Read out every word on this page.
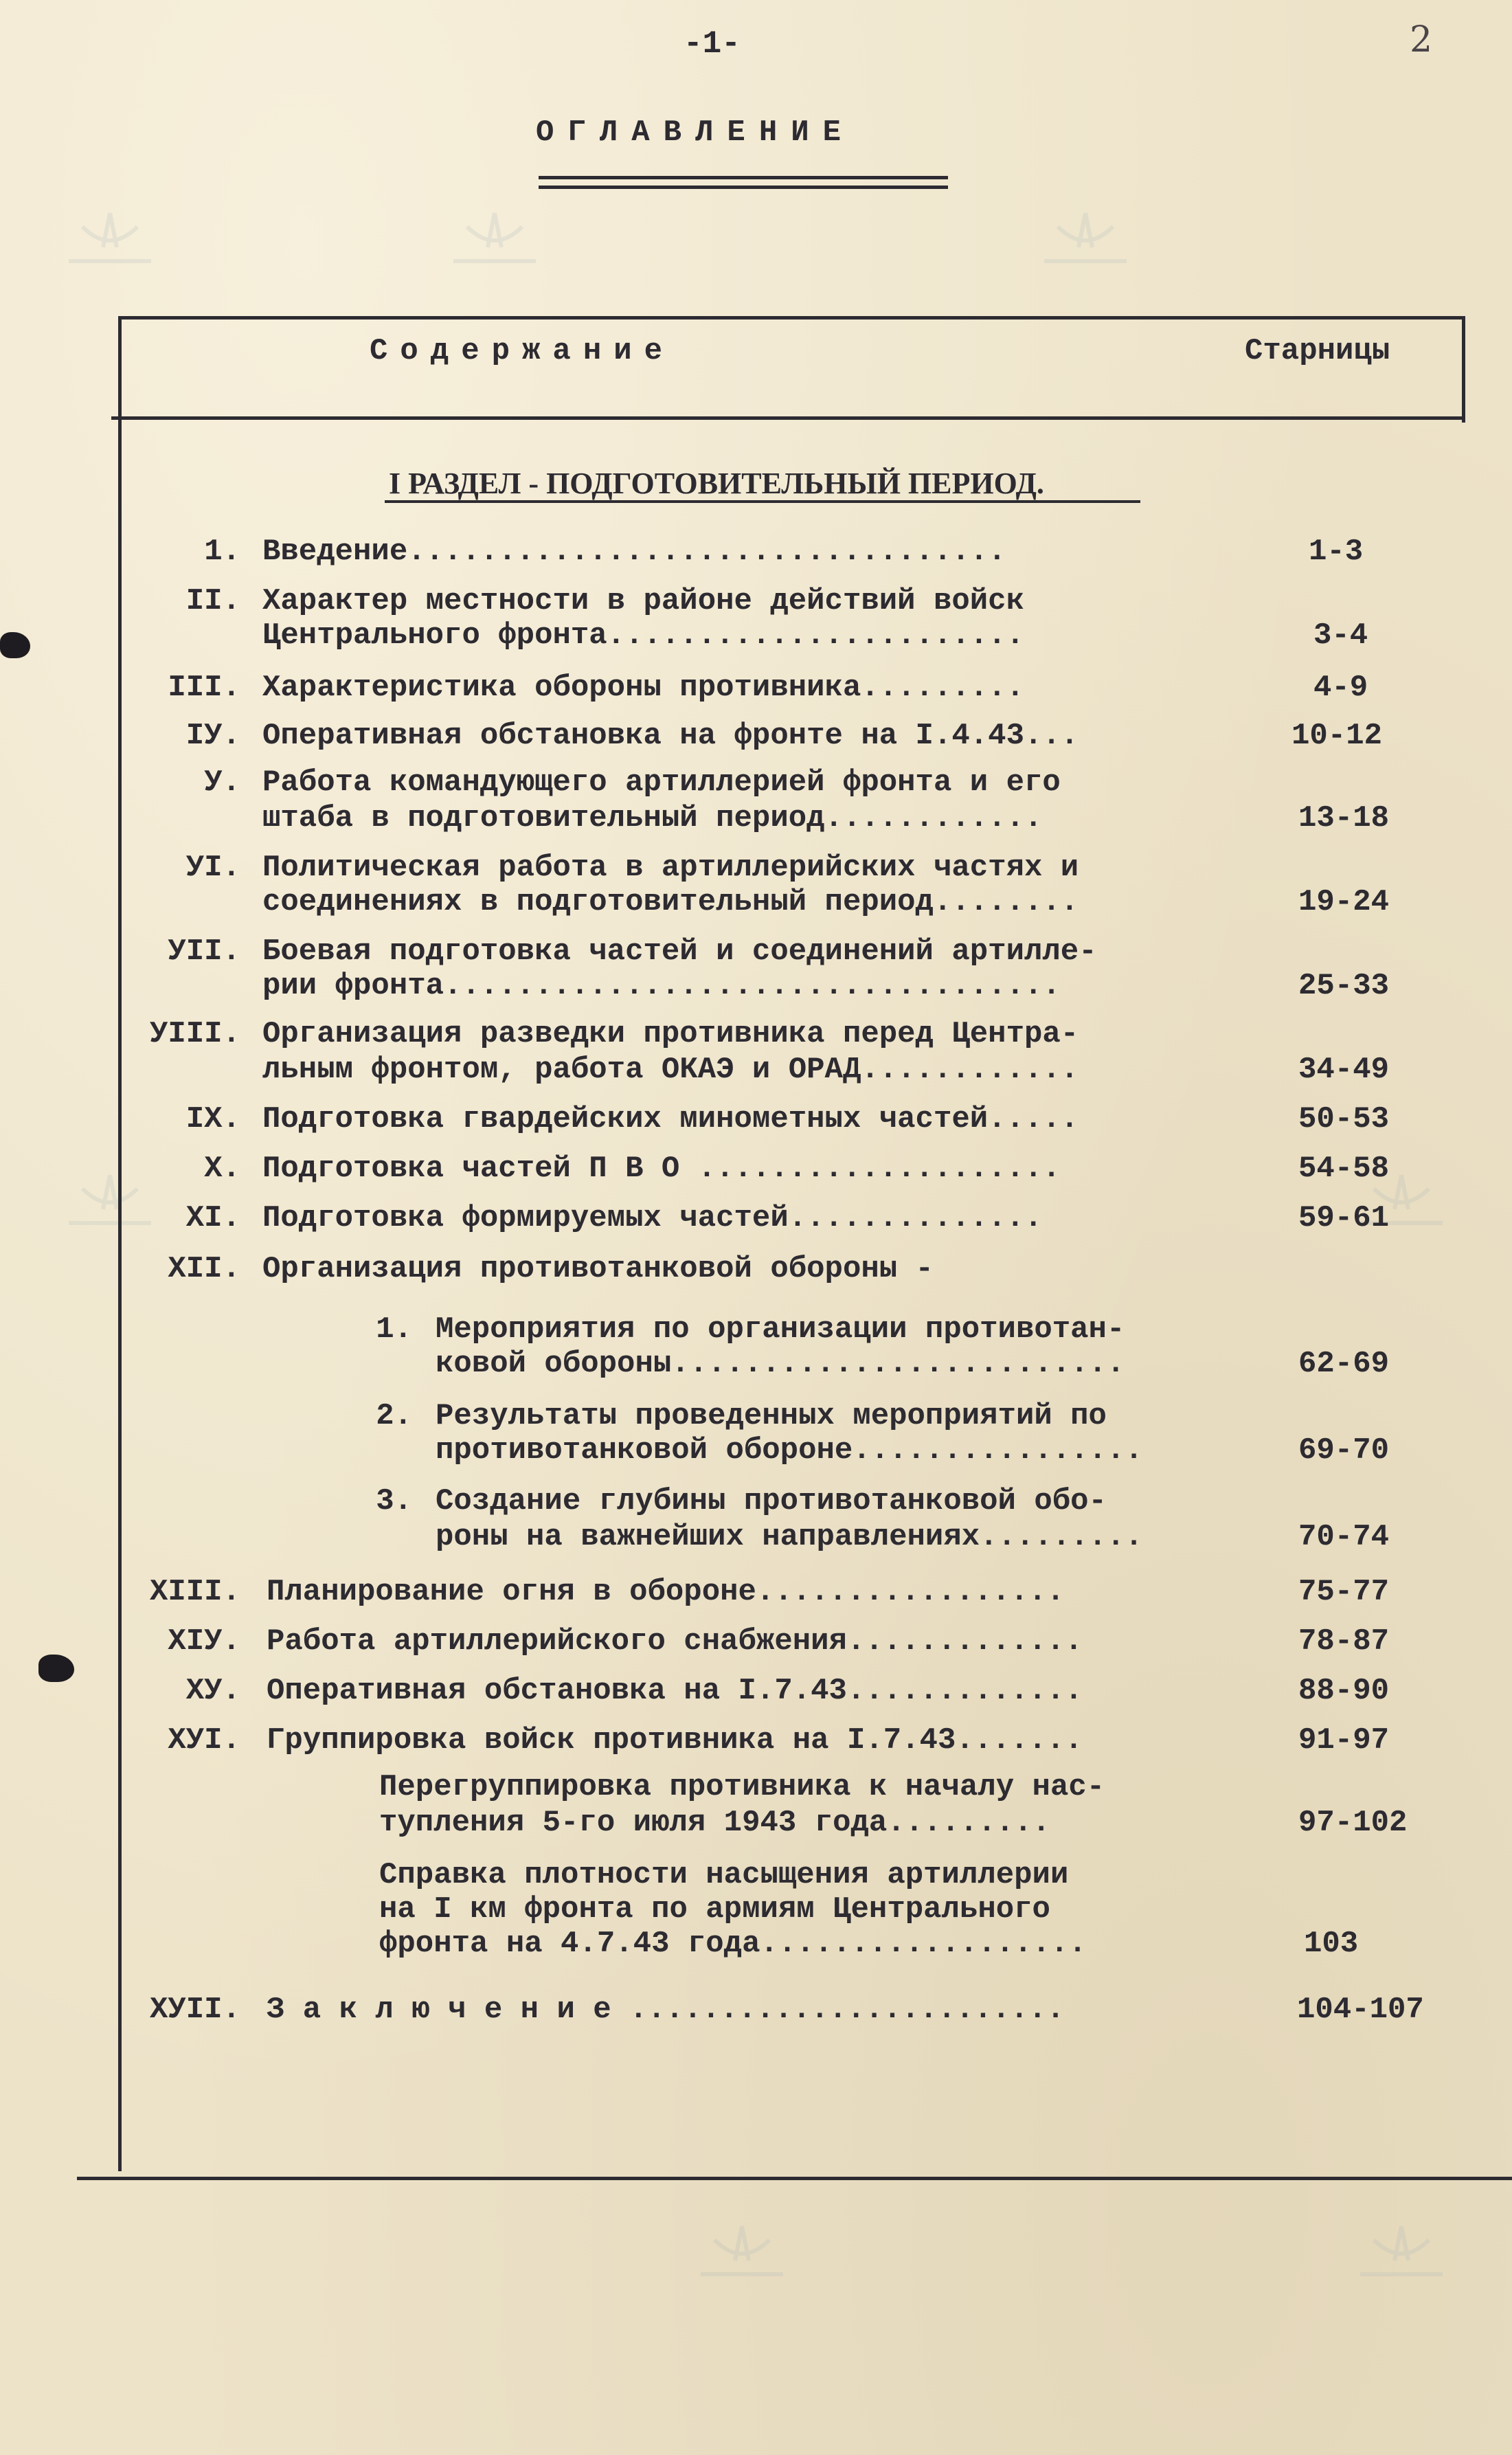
-1-	2
ОГЛАВЛЕНИЕ
Содержание	Старницы
I РАЗДЕЛ - ПОДГОТОВИТЕЛЬНЫЙ ПЕРИОД.
1. Введение.................................	1-3
II. Характер местности в районе действий войск
Центрального фронта.......................	3-4
III. Характеристика обороны противника.........	4-9
IУ. Оперативная обстановка на фронте на I.4.43...	10-12
У. Работа командующего артиллерией фронта и его
штаба в подготовительный период............	13-18
УI. Политическая работа в артиллерийских частях и
соединениях в подготовительный период........	19-24
УII. Боевая подготовка частей и соединений артилле-
рии фронта..................................	25-33
УIII. Организация разведки противника перед Центра-
льным фронтом, работа ОКАЭ и ОРАД............	34-49
IХ. Подготовка гвардейских минометных частей.....	50-53
Х. Подготовка частей П В О ....................	54-58
ХI. Подготовка формируемых частей..............	59-61
ХII. Организация противотанковой обороны -
1. Мероприятия по организации противотан-
ковой обороны.........................	62-69
2. Результаты проведенных мероприятий по
противотанковой обороне................	69-70
3. Создание глубины противотанковой обо-
роны на важнейших направлениях.........	70-74
ХIII. Планирование огня в обороне.................	75-77
ХIУ. Работа артиллерийского снабжения.............	78-87
ХУ. Оперативная обстановка на I.7.43.............	88-90
ХУI. Группировка войск противника на I.7.43.......	91-97
Перегруппировка противника к началу нас-
тупления 5-го июля 1943 года.........	97-102
Справка плотности насыщения артиллерии
на I км фронта по армиям Центрального
фронта на 4.7.43 года..................	103
ХУII. З а к л ю ч е н и е ........................	104-107
